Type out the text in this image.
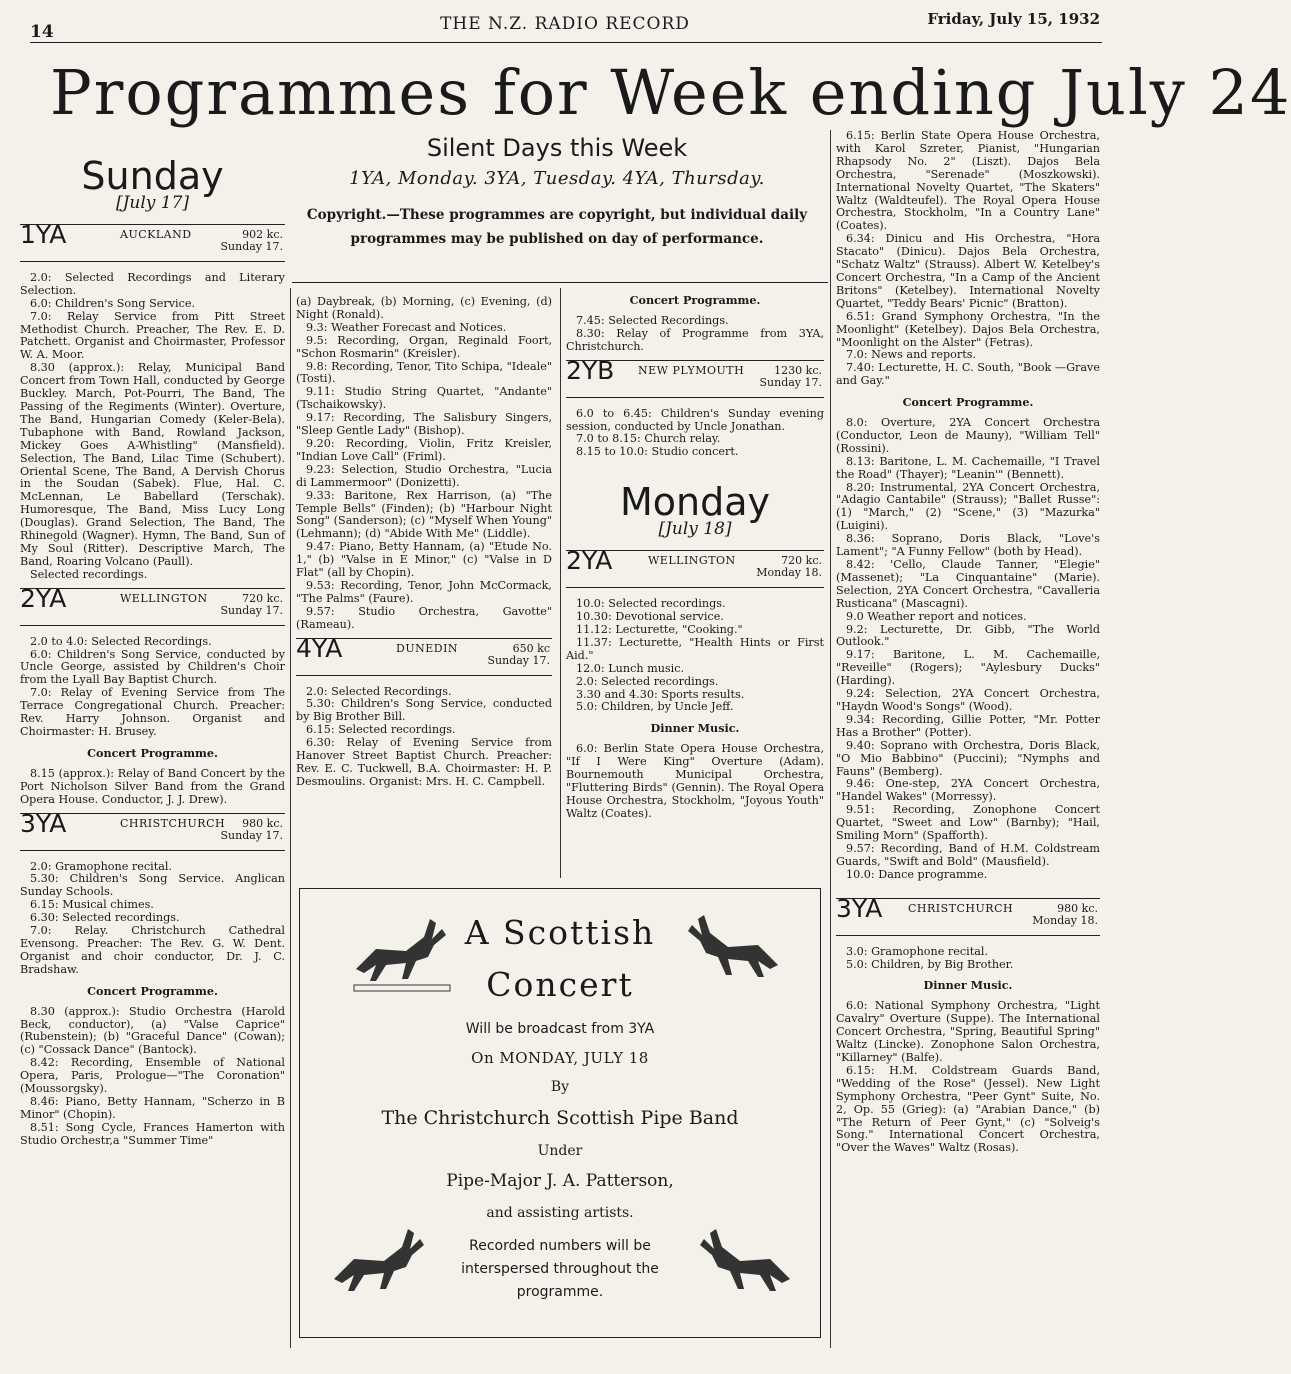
14	THE N.Z. RADIO RECORD	Friday, July 15, 1932
Programmes for Week ending July 24
Silent Days this Week
1YA, Monday. 3YA, Tuesday. 4YA, Thursday.
Copyright.—These programmes are copyright, but individual daily programmes may be published on day of performance.
Sunday
[July 17]
1YA	AUCKLAND	902 kc.
Sunday 17.

2.0: Selected Recordings and Literary Selection.

6.0: Children's Song Service.

7.0: Relay Service from Pitt Street Methodist Church. Preacher, The Rev. E. D. Patchett. Organist and Choirmaster, Professor W. A. Moor.

8.30 (approx.): Relay, Municipal Band Concert from Town Hall, conducted by George Buckley. March, Pot-Pourri, The Band, The Passing of the Regiments (Winter). Overture, The Band, Hungarian Comedy (Keler-Bela). Tubaphone with Band, Rowland Jackson, Mickey Goes A-Whistling" (Mansfield). Selection, The Band, Lilac Time (Schubert). Oriental Scene, The Band, A Dervish Chorus in the Soudan (Sabek). Flue, Hal. C. McLennan, Le Babellard (Terschak). Humoresque, The Band, Miss Lucy Long (Douglas). Grand Selection, The Band, The Rhinegold (Wagner). Hymn, The Band, Sun of My Soul (Ritter). Descriptive March, The Band, Roaring Volcano (Paull).

Selected recordings.

2YA	WELLINGTON	720 kc.
Sunday 17.

2.0 to 4.0: Selected Recordings.

6.0: Children's Song Service, conducted by Uncle George, assisted by Children's Choir from the Lyall Bay Baptist Church.

7.0: Relay of Evening Service from The Terrace Congregational Church. Preacher: Rev. Harry Johnson. Organist and Choirmaster: H. Brusey.

Concert Programme.

8.15 (approx.): Relay of Band Concert by the Port Nicholson Silver Band from the Grand Opera House. Conductor, J. J. Drew).

3YA	CHRISTCHURCH 980 kc.
Sunday 17.

2.0: Gramophone recital.

5.30: Children's Song Service. Anglican Sunday Schools.

6.15: Musical chimes.

6.30: Selected recordings.

7.0: Relay. Christchurch Cathedral Evensong. Preacher: The Rev. G. W. Dent. Organist and choir conductor, Dr. J. C. Bradshaw.

Concert Programme.

8.30 (approx.): Studio Orchestra (Harold Beck, conductor), (a) "Valse Caprice" (Rubenstein); (b) "Graceful Dance" (Cowan); (c) "Cossack Dance" (Bantock).

8.42: Recording, Ensemble of National Opera, Paris, Prologue—"The Coronation" (Moussorgsky).

8.46: Piano, Betty Hannam, "Scherzo in B Minor" (Chopin).

8.51: Song Cycle, Frances Hamerton with Studio Orchestr,a "Summer Time"

(a) Daybreak, (b) Morning, (c) Evening, (d) Night (Ronald).

9.3: Weather Forecast and Notices.

9.5: Recording, Organ, Reginald Foort, "Schon Rosmarin" (Kreisler).

9.8: Recording, Tenor, Tito Schipa, "Ideale" (Tosti).

9.11: Studio String Quartet, "Andante" (Tschaikowsky).

9.17: Recording, The Salisbury Singers, "Sleep Gentle Lady" (Bishop).

9.20: Recording, Violin, Fritz Kreisler, "Indian Love Call" (Friml).

9.23: Selection, Studio Orchestra, "Lucia di Lammermoor" (Donizetti).

9.33: Baritone, Rex Harrison, (a) "The Temple Bells" (Finden); (b) "Harbour Night Song" (Sanderson); (c) "Myself When Young" (Lehmann); (d) "Abide With Me" (Liddle).

9.47: Piano, Betty Hannam, (a) "Etude No. 1," (b) "Valse in E Minor," (c) "Valse in D Flat" (all by Chopin).

9.53: Recording, Tenor, John McCormack, "The Palms" (Faure).

9.57: Studio Orchestra, Gavotte" (Rameau).

4YA	DUNEDIN	650 kc
Sunday 17.

2.0: Selected Recordings.

5.30: Children's Song Service, conducted by Big Brother Bill.

6.15: Selected recordings.

6.30: Relay of Evening Service from Hanover Street Baptist Church. Preacher: Rev. E. C. Tuckwell, B.A. Choirmaster: H. P. Desmoulins. Organist: Mrs. H. C. Campbell.

Concert Programme.

7.45: Selected Recordings.

8.30: Relay of Programme from 3YA, Christchurch.

2YB NEW PLYMOUTH	1230 kc.
Sunday 17.

6.0 to 6.45: Children's Sunday evening session, conducted by Uncle Jonathan.

7.0 to 8.15: Church relay.

8.15 to 10.0: Studio concert.

Monday
[July 18]
2YA	WELLINGTON	720 kc.
Monday 18.

10.0: Selected recordings.

10.30: Devotional service.

11.12: Lecturette, "Cooking."

11.37: Lecturette, "Health Hints or First Aid."

12.0: Lunch music.

2.0: Selected recordings.

3.30 and 4.30: Sports results.

5.0: Children, by Uncle Jeff.

Dinner Music.

6.0: Berlin State Opera House Orchestra, "If I Were King" Overture (Adam). Bournemouth Municipal Orchestra, "Fluttering Birds" (Gennin). The Royal Opera House Orchestra, Stockholm, "Joyous Youth" Waltz (Coates).

6.15: Berlin State Opera House Orchestra, with Karol Szreter, Pianist, "Hungarian Rhapsody No. 2" (Liszt). Dajos Bela Orchestra, "Serenade" (Moszkowski). International Novelty Quartet, "The Skaters" Waltz (Waldteufel). The Royal Opera House Orchestra, Stockholm, "In a Country Lane" (Coates).

6.34: Dinicu and His Orchestra, "Hora Stacato" (Dinicu). Dajos Bela Orchestra, "Schatz Waltz" (Strauss). Albert W. Ketelbey's Concert Orchestra, "In a Camp of the Ancient Britons" (Ketelbey). International Novelty Quartet, "Teddy Bears' Picnic" (Bratton).

6.51: Grand Symphony Orchestra, "In the Moonlight" (Ketelbey). Dajos Bela Orchestra, "Moonlight on the Alster" (Fetras).

7.0: News and reports.

7.40: Lecturette, H. C. South, "Book —Grave and Gay."

Concert Programme.

8.0: Overture, 2YA Concert Orchestra (Conductor, Leon de Mauny), "William Tell" (Rossini).

8.13: Baritone, L. M. Cachemaille, "I Travel the Road" (Thayer); "Leanin'" (Bennett).

8.20: Instrumental, 2YA Concert Orchestra, "Adagio Cantabile" (Strauss); "Ballet Russe": (1) "March," (2) "Scene," (3) "Mazurka" (Luigini).

8.36: Soprano, Doris Black, "Love's Lament"; "A Funny Fellow" (both by Head).

8.42: 'Cello, Claude Tanner, "Elegie" (Massenet); "La Cinquantaine" (Marie). Selection, 2YA Concert Orchestra, "Cavalleria Rusticana" (Mascagni).

9.0 Weather report and notices.

9.2: Lecturette, Dr. Gibb, "The World Outlook."

9.17: Baritone, L. M. Cachemaille, "Reveille" (Rogers); "Aylesbury Ducks" (Harding).

9.24: Selection, 2YA Concert Orchestra, "Haydn Wood's Songs" (Wood).

9.34: Recording, Gillie Potter, "Mr. Potter Has a Brother" (Potter).

9.40: Soprano with Orchestra, Doris Black, "O Mio Babbino" (Puccini); "Nymphs and Fauns" (Bemberg).

9.46: One-step, 2YA Concert Orchestra, "Handel Wakes" (Morressy).

9.51: Recording, Zonophone Concert Quartet, "Sweet and Low" (Barnby); "Hail, Smiling Morn" (Spafforth).

9.57: Recording, Band of H.M. Coldstream Guards, "Swift and Bold" (Mausfield).

10.0: Dance programme.

3YA CHRISTCHURCH	980 kc.
Monday 18.

3.0: Gramophone recital.

5.0: Children, by Big Brother.

Dinner Music.

6.0: National Symphony Orchestra, "Light Cavalry" Overture (Suppe). The International Concert Orchestra, "Spring, Beautiful Spring" Waltz (Lincke). Zonophone Salon Orchestra, "Killarney" (Balfe).

6.15: H.M. Coldstream Guards Band, "Wedding of the Rose" (Jessel). New Light Symphony Orchestra, "Peer Gynt" Suite, No. 2, Op. 55 (Grieg): (a) "Arabian Dance," (b) "The Return of Peer Gynt," (c) "Solveig's Song." International Concert Orchestra, "Over the Waves" Waltz (Rosas).

A Scottish
Concert
Will be broadcast from 3YA
On MONDAY, JULY 18
By
The Christchurch Scottish Pipe Band
Under
Pipe-Major J. A. Patterson,
and assisting artists.
Recorded numbers will be interspersed throughout the programme.
